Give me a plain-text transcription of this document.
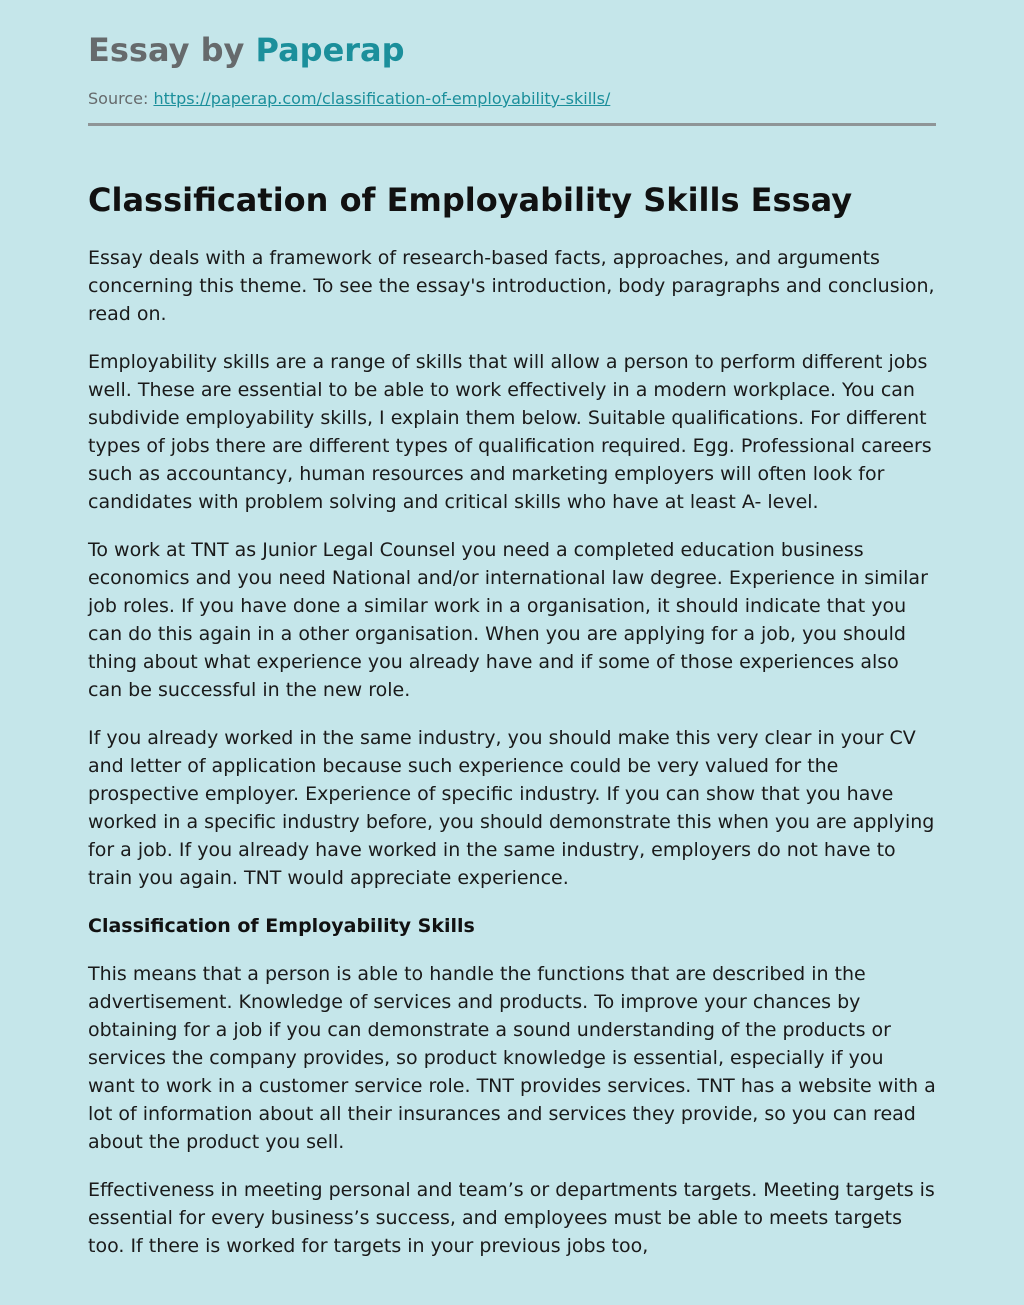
Essay by Paperap
Source: https://paperap.com/classification-of-employability-skills/
Classification of Employability Skills Essay

Essay deals with a framework of research-based facts, approaches, and arguments concerning this theme. To see the essay's introduction, body paragraphs and conclusion, read on.

Employability skills are a range of skills that will allow a person to perform different jobs well. These are essential to be able to work effectively in a modern workplace. You can subdivide employability skills, I explain them below. Suitable qualifications. For different types of jobs there are different types of qualification required. Egg. Professional careers such as accountancy, human resources and marketing employers will often look for candidates with problem solving and critical skills who have at least A- level.

To work at TNT as Junior Legal Counsel you need a completed education business economics and you need National and/or international law degree. Experience in similar job roles. If you have done a similar work in a organisation, it should indicate that you can do this again in a other organisation. When you are applying for a job, you should thing about what experience you already have and if some of those experiences also can be successful in the new role.

If you already worked in the same industry, you should make this very clear in your CV and letter of application because such experience could be very valued for the prospective employer. Experience of specific industry. If you can show that you have worked in a specific industry before, you should demonstrate this when you are applying for a job. If you already have worked in the same industry, employers do not have to train you again. TNT would appreciate experience.

Classification of Employability Skills

This means that a person is able to handle the functions that are described in the advertisement. Knowledge of services and products. To improve your chances by obtaining for a job if you can demonstrate a sound understanding of the products or services the company provides, so product knowledge is essential, especially if you want to work in a customer service role. TNT provides services. TNT has a website with a lot of information about all their insurances and services they provide, so you can read about the product you sell.

Effectiveness in meeting personal and team’s or departments targets. Meeting targets is essential for every business’s success, and employees must be able to meets targets too. If there is worked for targets in your previous jobs too,
